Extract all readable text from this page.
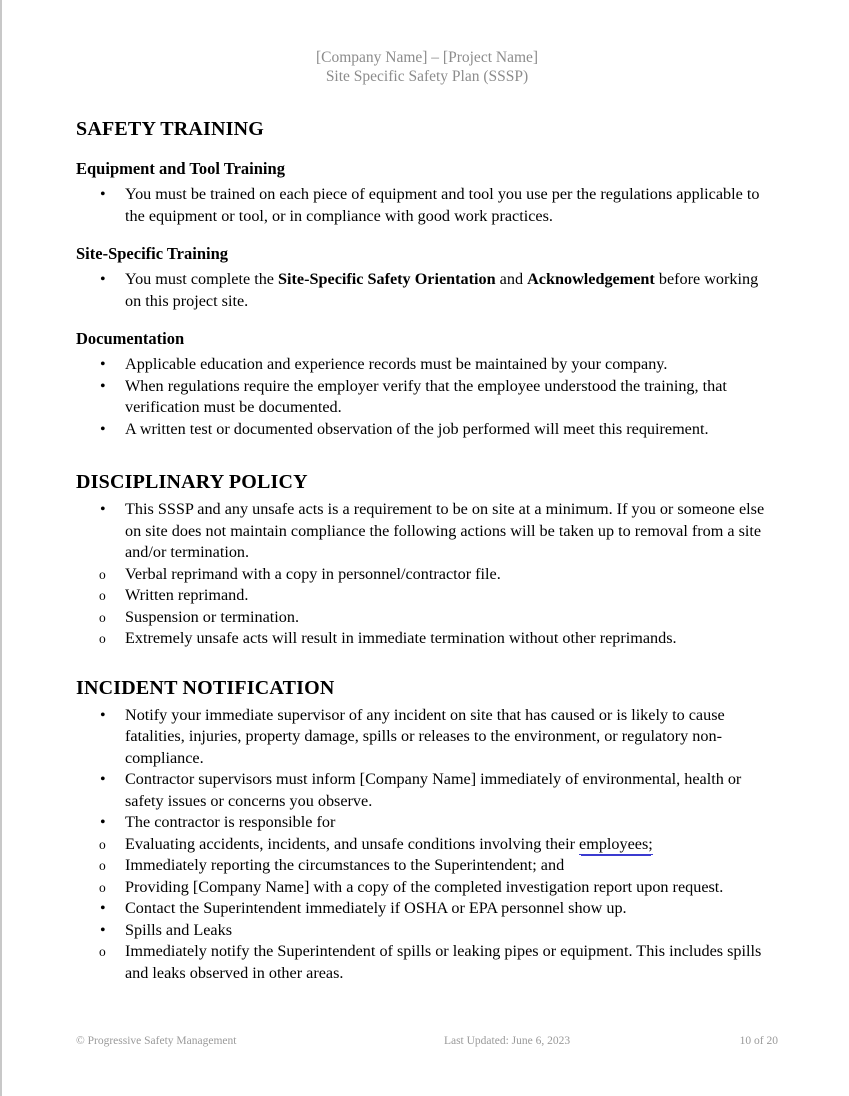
[Company Name] – [Project Name]
Site Specific Safety Plan (SSSP)
SAFETY TRAINING
Equipment and Tool Training
• You must be trained on each piece of equipment and tool you use per the regulations applicable to the equipment or tool, or in compliance with good work practices.
Site-Specific Training
• You must complete the Site-Specific Safety Orientation and Acknowledgement before working on this project site.
Documentation
• Applicable education and experience records must be maintained by your company.
• When regulations require the employer verify that the employee understood the training, that verification must be documented.
• A written test or documented observation of the job performed will meet this requirement.
DISCIPLINARY POLICY
• This SSSP and any unsafe acts is a requirement to be on site at a minimum. If you or someone else on site does not maintain compliance the following actions will be taken up to removal from a site and/or termination.
o Verbal reprimand with a copy in personnel/contractor file.
o Written reprimand.
o Suspension or termination.
o Extremely unsafe acts will result in immediate termination without other reprimands.
INCIDENT NOTIFICATION
• Notify your immediate supervisor of any incident on site that has caused or is likely to cause fatalities, injuries, property damage, spills or releases to the environment, or regulatory non-compliance.
• Contractor supervisors must inform [Company Name] immediately of environmental, health or safety issues or concerns you observe.
• The contractor is responsible for
o Evaluating accidents, incidents, and unsafe conditions involving their employees;
o Immediately reporting the circumstances to the Superintendent; and
o Providing [Company Name] with a copy of the completed investigation report upon request.
• Contact the Superintendent immediately if OSHA or EPA personnel show up.
• Spills and Leaks
o Immediately notify the Superintendent of spills or leaking pipes or equipment. This includes spills and leaks observed in other areas.
© Progressive Safety Management	Last Updated: June 6, 2023	10 of 20
